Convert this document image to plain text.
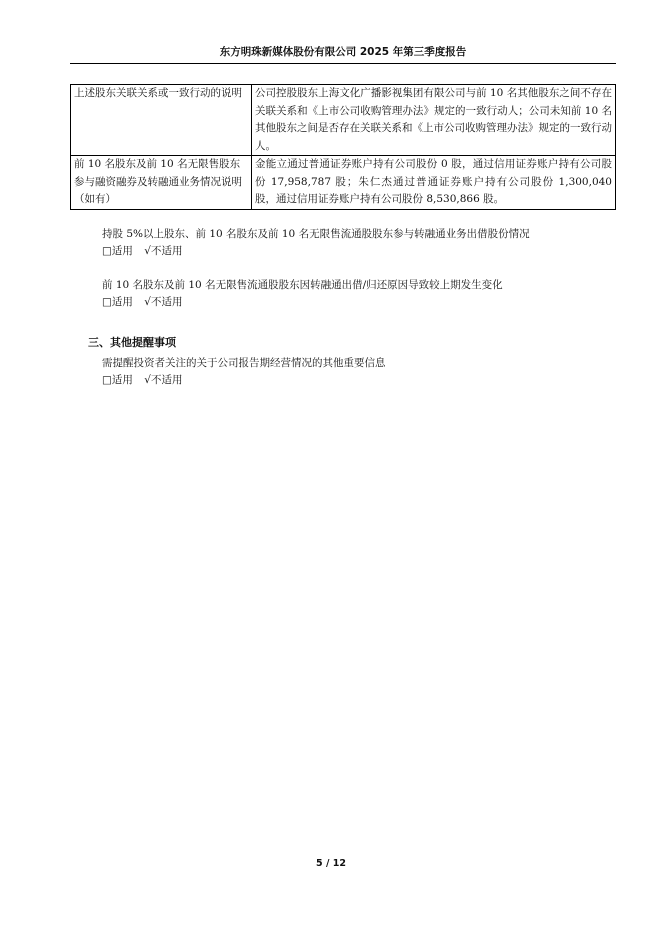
东方明珠新媒体股份有限公司 2025 年第三季度报告
上述股东关联关系或一致行动的说明	公司控股股东上海文化广播影视集团有限公司与前 10 名其他股东之间不存在关联关系和《上市公司收购管理办法》规定的一致行动人；公司未知前 10 名其他股东之间是否存在关联关系和《上市公司收购管理办法》规定的一致行动人。
前 10 名股东及前 10 名无限售股东参与融资融券及转融通业务情况说明（如有）	金能立通过普通证券账户持有公司股份 0 股，通过信用证券账户持有公司股份 17,958,787 股；朱仁杰通过普通证券账户持有公司股份 1,300,040 股，通过信用证券账户持有公司股份 8,530,866 股。
持股 5%以上股东、前 10 名股东及前 10 名无限售流通股股东参与转融通业务出借股份情况
□适用 √不适用
前 10 名股东及前 10 名无限售流通股股东因转融通出借/归还原因导致较上期发生变化
□适用 √不适用
三、其他提醒事项
需提醒投资者关注的关于公司报告期经营情况的其他重要信息
□适用 √不适用
5 / 12
